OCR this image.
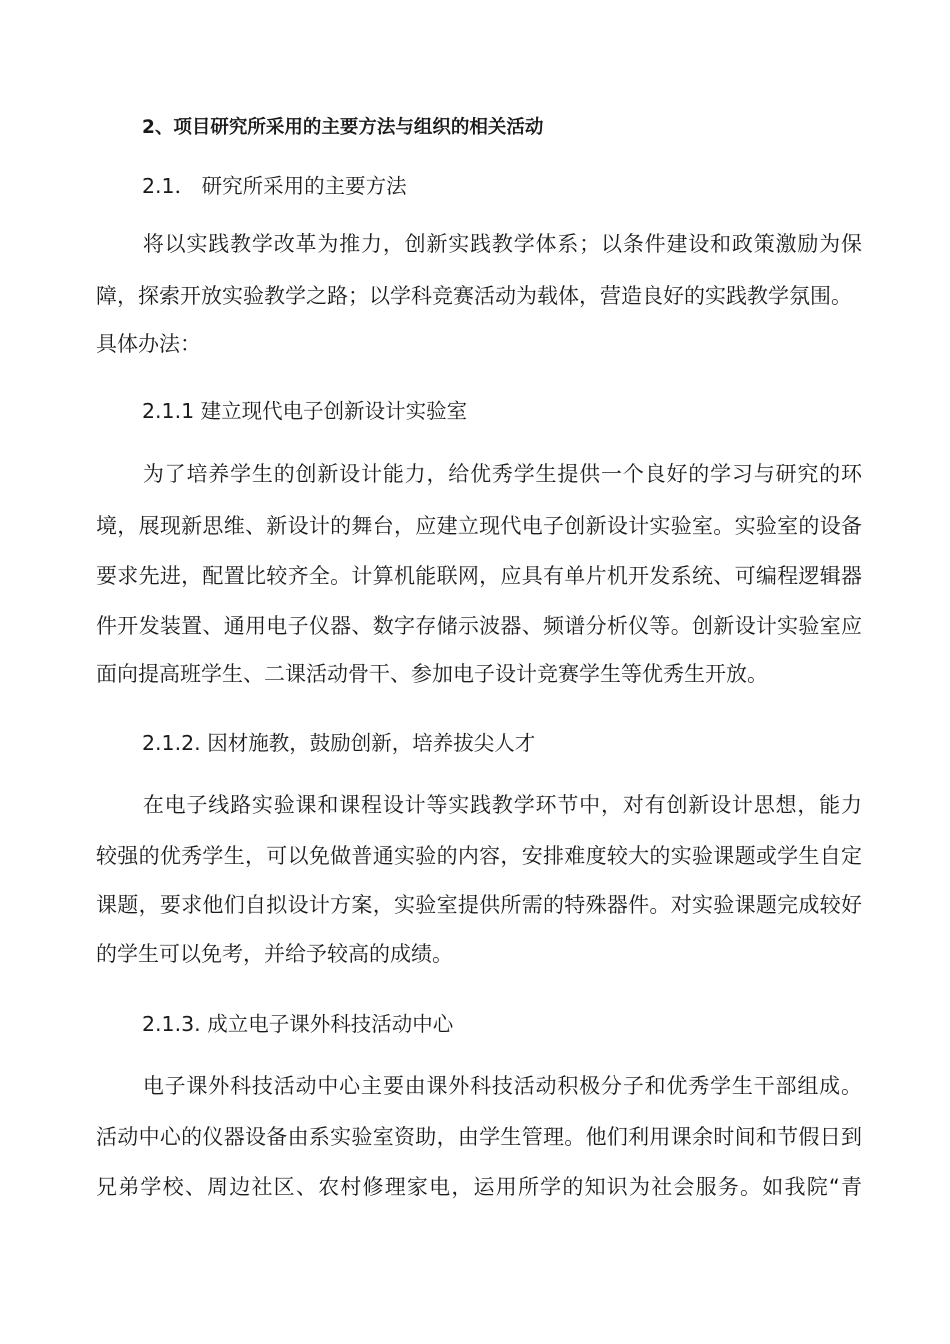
2、项目研究所采用的主要方法与组织的相关活动
2.1． 研究所采用的主要方法
将以实践教学改革为推力，创新实践教学体系；以条件建设和政策激励为保
障，探索开放实验教学之路；以学科竞赛活动为载体，营造良好的实践教学氛围。
具体办法：
2.1.1 建立现代电子创新设计实验室
为了培养学生的创新设计能力，给优秀学生提供一个良好的学习与研究的环
境，展现新思维、新设计的舞台，应建立现代电子创新设计实验室。实验室的设备
要求先进，配置比较齐全。计算机能联网，应具有单片机开发系统、可编程逻辑器
件开发装置、通用电子仪器、数字存储示波器、频谱分析仪等。创新设计实验室应
面向提高班学生、二课活动骨干、参加电子设计竞赛学生等优秀生开放。
2.1.2. 因材施教，鼓励创新，培养拔尖人才
在电子线路实验课和课程设计等实践教学环节中，对有创新设计思想，能力
较强的优秀学生，可以免做普通实验的内容，安排难度较大的实验课题或学生自定
课题，要求他们自拟设计方案，实验室提供所需的特殊器件。对实验课题完成较好
的学生可以免考，并给予较高的成绩。
2.1.3. 成立电子课外科技活动中心
电子课外科技活动中心主要由课外科技活动积极分子和优秀学生干部组成。
活动中心的仪器设备由系实验室资助，由学生管理。他们利用课余时间和节假日到
兄弟学校、周边社区、农村修理家电，运用所学的知识为社会服务。如我院“青
